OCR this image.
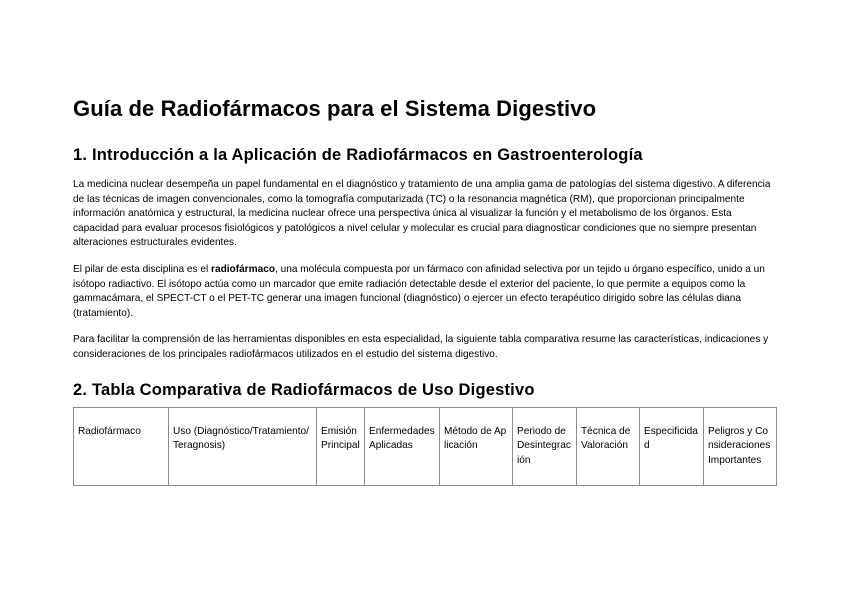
Guía de Radiofármacos para el Sistema Digestivo
1. Introducción a la Aplicación de Radiofármacos en Gastroenterología

La medicina nuclear desempeña un papel fundamental en el diagnóstico y tratamiento de una amplia gama de patologías del sistema digestivo. A diferencia de las técnicas de imagen convencionales, como la tomografía computarizada (TC) o la resonancia magnética (RM), que proporcionan principalmente información anatómica y estructural, la medicina nuclear ofrece una perspectiva única al visualizar la función y el metabolismo de los órganos. Esta capacidad para evaluar procesos fisiológicos y patológicos a nivel celular y molecular es crucial para diagnosticar condiciones que no siempre presentan alteraciones estructurales evidentes.

El pilar de esta disciplina es el radiofármaco, una molécula compuesta por un fármaco con afinidad selectiva por un tejido u órgano específico, unido a un isótopo radiactivo. El isótopo actúa como un marcador que emite radiación detectable desde el exterior del paciente, lo que permite a equipos como la gammacámara, el SPECT-CT o el PET-TC generar una imagen funcional (diagnóstico) o ejercer un efecto terapéutico dirigido sobre las células diana (tratamiento).

Para facilitar la comprensión de las herramientas disponibles en esta especialidad, la siguiente tabla comparativa resume las características, indicaciones y consideraciones de los principales radiofármacos utilizados en el estudio del sistema digestivo.

2. Tabla Comparativa de Radiofármacos de Uso Digestivo
Radiofármaco	Uso (Diagnóstico/Tratamiento/Teragnosis)	Emisión Principal	Enfermedades Aplicadas	Método de Aplicación	Periodo de Desintegración	Técnica de Valoración	Especificidad	Peligros y Consideraciones Importantes
